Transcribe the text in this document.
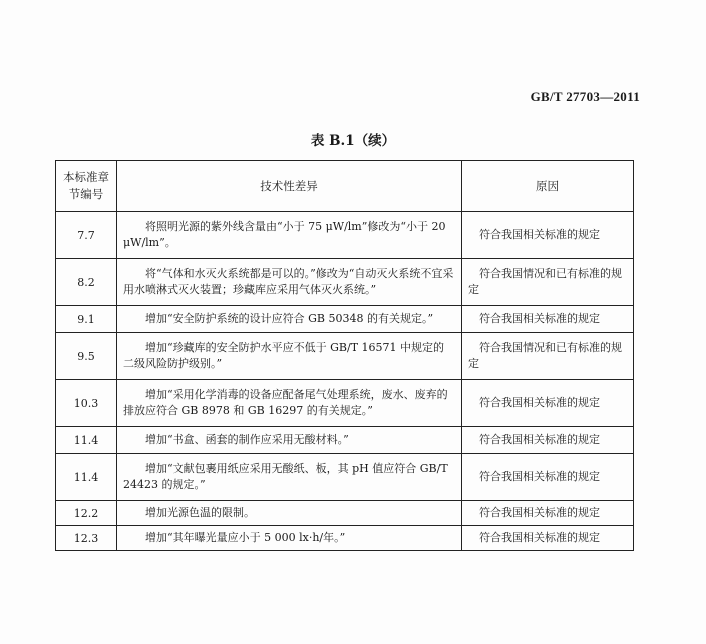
GB/T 27703—2011
表 B.1（续）
本标准章节编号	技术性差异	原因
7.7	将照明光源的紫外线含量由“小于 75 μW/lm”修改为“小于 20 μW/lm”。	符合我国相关标准的规定

8.2	将“气体和水灭火系统都是可以的。”修改为“自动灭火系统不宜采用水喷淋式灭火装置；珍藏库应采用气体灭火系统。”	符合我国情况和已有标准的规定

9.1	增加“安全防护系统的设计应符合 GB 50348 的有关规定。”	符合我国相关标准的规定

9.5	增加“珍藏库的安全防护水平应不低于 GB/T 16571 中规定的二级风险防护级别。”	符合我国情况和已有标准的规定

10.3	增加“采用化学消毒的设备应配备尾气处理系统，废水、废弃的排放应符合 GB 8978 和 GB 16297 的有关规定。”	符合我国相关标准的规定

11.4	增加“书盒、函套的制作应采用无酸材料。”	符合我国相关标准的规定

11.4	增加“文献包裹用纸应采用无酸纸、板，其 pH 值应符合 GB/T 24423 的规定。”	符合我国相关标准的规定

12.2	增加光源色温的限制。	符合我国相关标准的规定

12.3	增加“其年曝光量应小于 5 000 lx·h/年。”	符合我国相关标准的规定
